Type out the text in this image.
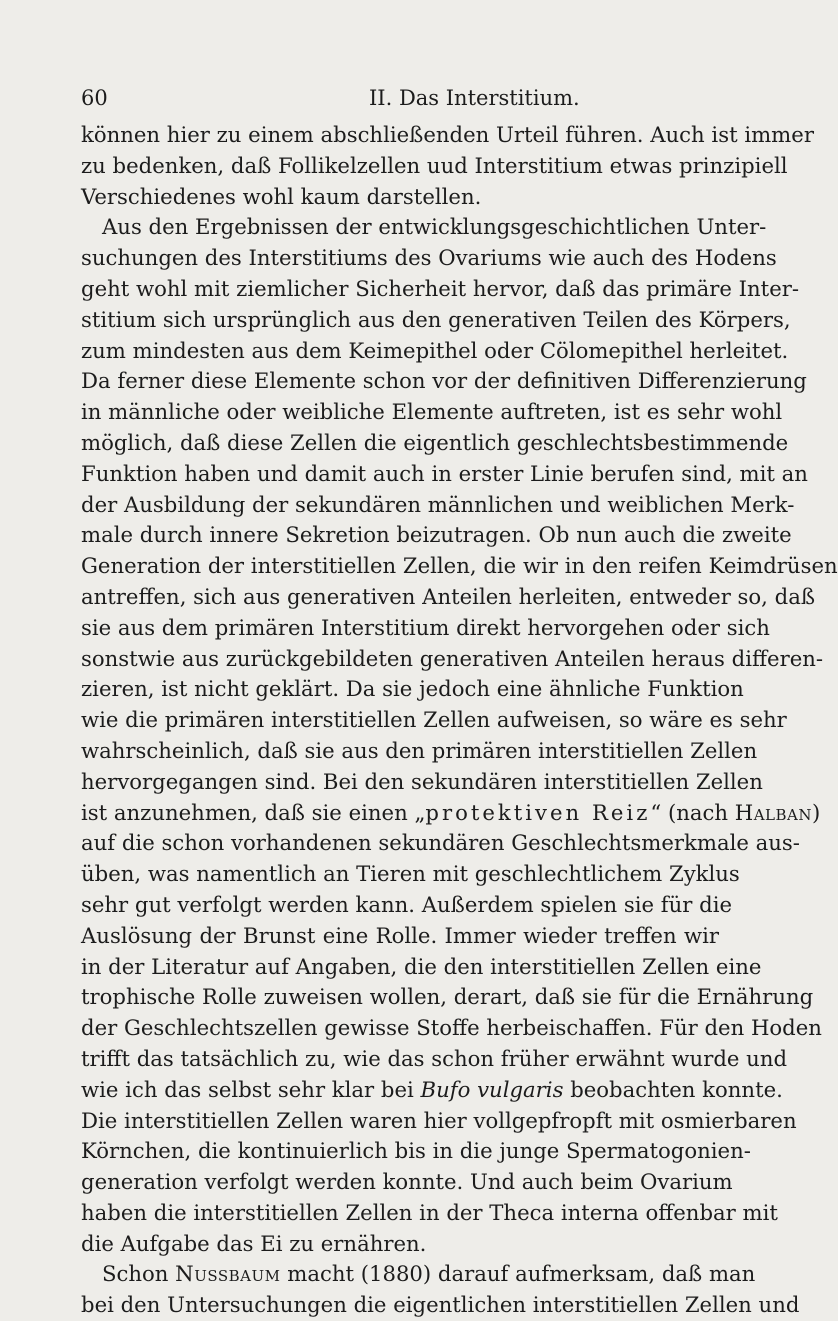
60	II. Das Interstitium.
können hier zu einem abschließenden Urteil führen. Auch ist immer
zu bedenken, daß Follikelzellen uud Interstitium etwas prinzipiell
Verschiedenes wohl kaum darstellen.
Aus den Ergebnissen der entwicklungsgeschichtlichen Unter-
suchungen des Interstitiums des Ovariums wie auch des Hodens
geht wohl mit ziemlicher Sicherheit hervor, daß das primäre Inter-
stitium sich ursprünglich aus den generativen Teilen des Körpers,
zum mindesten aus dem Keimepithel oder Cölomepithel herleitet.
Da ferner diese Elemente schon vor der definitiven Differenzierung
in männliche oder weibliche Elemente auftreten, ist es sehr wohl
möglich, daß diese Zellen die eigentlich geschlechtsbestimmende
Funktion haben und damit auch in erster Linie berufen sind, mit an
der Ausbildung der sekundären männlichen und weiblichen Merk-
male durch innere Sekretion beizutragen. Ob nun auch die zweite
Generation der interstitiellen Zellen, die wir in den reifen Keimdrüsen
antreffen, sich aus generativen Anteilen herleiten, entweder so, daß
sie aus dem primären Interstitium direkt hervorgehen oder sich
sonstwie aus zurückgebildeten generativen Anteilen heraus differen-
zieren, ist nicht geklärt. Da sie jedoch eine ähnliche Funktion
wie die primären interstitiellen Zellen aufweisen, so wäre es sehr
wahrscheinlich, daß sie aus den primären interstitiellen Zellen
hervorgegangen sind. Bei den sekundären interstitiellen Zellen
ist anzunehmen, daß sie einen „protektiven Reiz“ (nach Halban)
auf die schon vorhandenen sekundären Geschlechtsmerkmale aus-
üben, was namentlich an Tieren mit geschlechtlichem Zyklus
sehr gut verfolgt werden kann. Außerdem spielen sie für die
Auslösung der Brunst eine Rolle. Immer wieder treffen wir
in der Literatur auf Angaben, die den interstitiellen Zellen eine
trophische Rolle zuweisen wollen, derart, daß sie für die Ernährung
der Geschlechtszellen gewisse Stoffe herbeischaffen. Für den Hoden
trifft das tatsächlich zu, wie das schon früher erwähnt wurde und
wie ich das selbst sehr klar bei Bufo vulgaris beobachten konnte.
Die interstitiellen Zellen waren hier vollgepfropft mit osmierbaren
Körnchen, die kontinuierlich bis in die junge Spermatogonien-
generation verfolgt werden konnte. Und auch beim Ovarium
haben die interstitiellen Zellen in der Theca interna offenbar mit
die Aufgabe das Ei zu ernähren.
Schon Nussbaum macht (1880) darauf aufmerksam, daß man
bei den Untersuchungen die eigentlichen interstitiellen Zellen und
